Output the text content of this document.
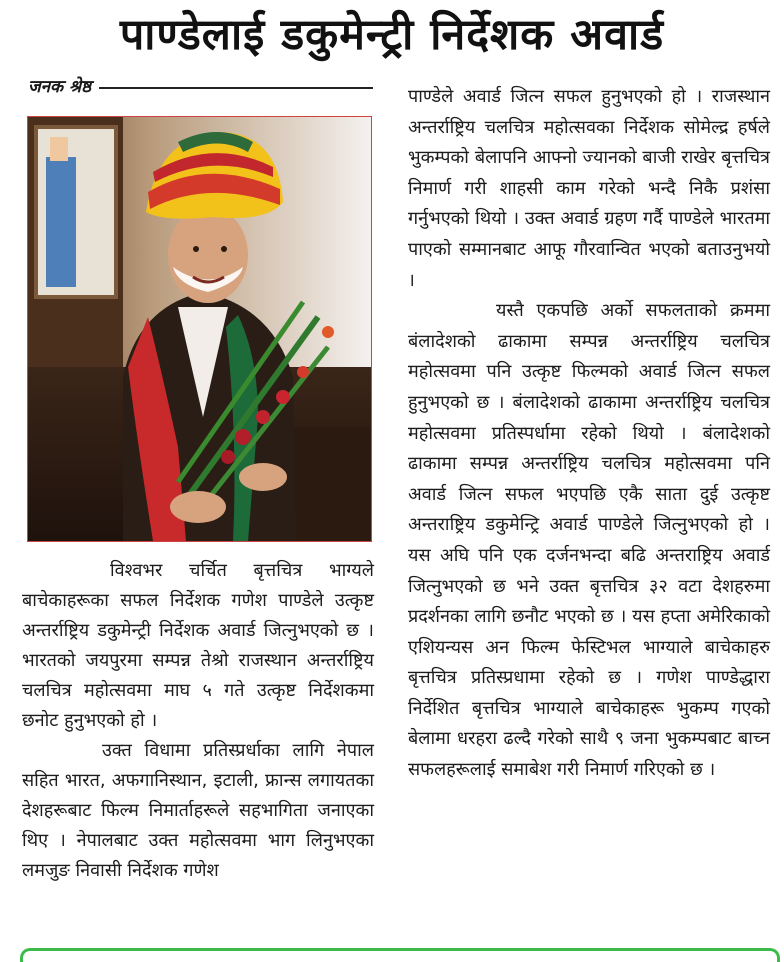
पाण्डेलाई डकुमेन्ट्री निर्देशक अवार्ड
जनक श्रेष्ठ

विश्वभर चर्चित बृत्तचित्र भाग्यले बाचेकाहरूका सफल निर्देशक गणेश पाण्डेले उत्कृष्ट अन्तर्राष्ट्रिय डकुमेन्ट्री निर्देशक अवार्ड जित्नुभएको छ । भारतको जयपुरमा सम्पन्न तेश्रो राजस्थान अन्तर्राष्ट्रिय चलचित्र महोत्सवमा माघ ५ गते उत्कृष्ट निर्देशकमा छनोट हुनुभएको हो ।

उक्त विधामा प्रतिस्प्रर्धाका लागि नेपाल सहित भारत, अफगानिस्थान, इटाली, फ्रान्स लगायतका देशहरूबाट फिल्म निमार्ताहरूले सहभागिता जनाएका थिए । नेपालबाट उक्त महोत्सवमा भाग लिनुभएका लमजुङ निवासी निर्देशक गणेश

पाण्डेले अवार्ड जित्न सफल हुनुभएको हो । राजस्थान अन्तर्राष्ट्रिय चलचित्र महोत्सवका निर्देशक सोमेल्द्र हर्षले भुकम्पको बेलापनि आफ्नो ज्यानको बाजी राखेर बृत्तचित्र निमार्ण गरी शाहसी काम गरेको भन्दै निकै प्रशंसा गर्नुभएको थियो । उक्त अवार्ड ग्रहण गर्दै पाण्डेले भारतमा पाएको सम्मानबाट आफू गौरवान्वित भएको बताउनुभयो ।

यस्तै एकपछि अर्को सफलताको क्रममा बंलादेशको ढाकामा सम्पन्न अन्तर्राष्ट्रिय चलचित्र महोत्सवमा पनि उत्कृष्ट फिल्मको अवार्ड जित्न सफल हुनुभएको छ । बंलादेशको ढाकामा अन्तर्राष्ट्रिय चलचित्र महोत्सवमा प्रतिस्पर्धामा रहेको थियो । बंलादेशको ढाकामा सम्पन्न अन्तर्राष्ट्रिय चलचित्र महोत्सवमा पनि अवार्ड जित्न सफल भएपछि एकै साता दुई उत्कृष्ट अन्तराष्ट्रिय डकुमेन्ट्रि अवार्ड पाण्डेले जित्नुभएको हो । यस अघि पनि एक दर्जनभन्दा बढि अन्तराष्ट्रिय अवार्ड जित्नुभएको छ भने उक्त बृत्तचित्र ३२ वटा देशहरुमा प्रदर्शनका लागि छनौट भएको छ । यस हप्ता अमेरिकाको एशियन्यस अन फिल्म फेस्टिभल भाग्याले बाचेकाहरु बृत्तचित्र प्रतिस्प्रधामा रहेको छ । गणेश पाण्डेद्धारा निर्देशित बृत्तचित्र भाग्याले बाचेकाहरू भुकम्प गएको बेलामा धरहरा ढल्दै गरेको साथै ९ जना भुकम्पबाट बाच्न सफलहरूलाई समाबेश गरी निमार्ण गरिएको छ ।
